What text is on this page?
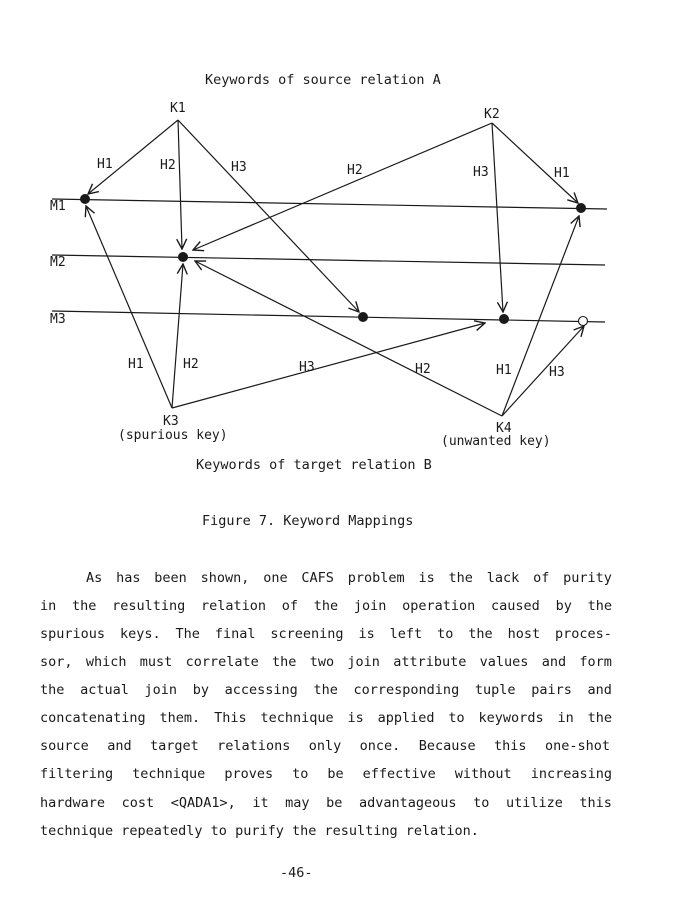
Keywords of source relation A
M1
M2
M3
K1	K2
K3	K4
(spurious key)	(unwanted key)
H1	H2	H3	H2	H3	H1
H1	H2	H3	H2	H1	H3
Keywords of target relation B
Figure 7. Keyword Mappings
As has been shown, one CAFS problem is the lack of purity
in the resulting relation of the join operation caused by the
spurious keys. The final screening is left to the host proces-
sor, which must correlate the two join attribute values and form
the actual join by accessing the corresponding tuple pairs and
concatenating them. This technique is applied to keywords in the
source and target relations only once. Because this one-shot
filtering technique proves to be effective without increasing
hardware cost <QADA1>, it may be advantageous to utilize this
technique repeatedly to purify the resulting relation.
-46-
